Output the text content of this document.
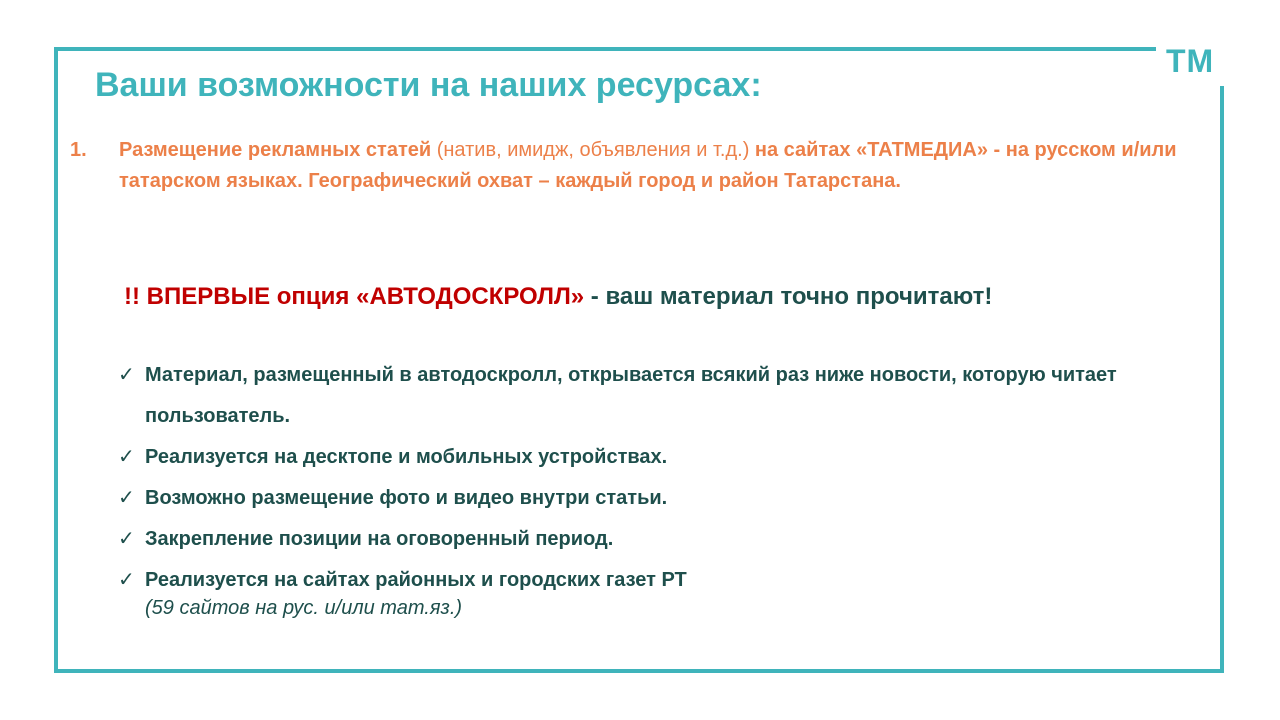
ТМ
Ваши возможности на наших ресурсах:
1. Размещение рекламных статей (натив, имидж, объявления и т.д.) на сайтах «ТАТМЕДИА» - на русском и/или татарском языках. Географический охват – каждый город и район Татарстана.
!! ВПЕРВЫЕ опция «АВТОДОСКРОЛЛ» - ваш материал точно прочитают!
✓ Материал, размещенный в автодоскролл, открывается всякий раз ниже новости, которую читает пользователь.
✓ Реализуется на десктопе и мобильных устройствах.
✓ Возможно размещение фото и видео внутри статьи.
✓ Закрепление позиции на оговоренный период.
✓ Реализуется на сайтах районных и городских газет РТ
(59 сайтов на рус. и/или тат.яз.)
